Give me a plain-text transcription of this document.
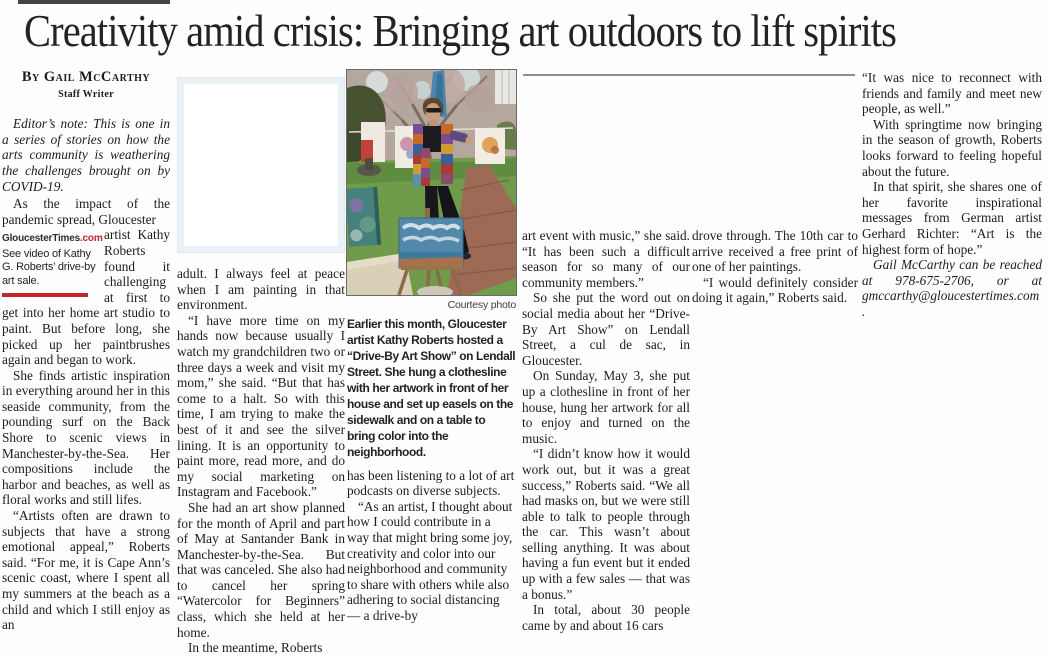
Creativity amid crisis: Bringing art outdoors to lift spirits
By Gail McCarthy
Staff Writer

Editor’s note: This is one in a series of stories on how the arts community is weathering the challenges brought on by COVID-19.

As the impact of the pandemic spread, Gloucester

GloucesterTimes.com
See video of Kathy G. Roberts’ drive-by art sale.
artist Kathy Roberts found it challenging at first to get into her home art studio to paint. But before long, she picked up her paintbrushes again and began to work.

She finds artistic inspiration in everything around her in this seaside community, from the pounding surf on the Back Shore to scenic views in Manchester-by-the-Sea. Her compositions include the harbor and beaches, as well as floral works and still lifes.

“Artists often are drawn to subjects that have a strong emotional appeal,” Roberts said. “For me, it is Cape Ann’s scenic coast, where I spent all my summers at the beach as a child and which I still enjoy as an

adult. I always feel at peace when I am painting in that environment.

“I have more time on my hands now because usually I watch my grandchildren two or three days a week and visit my mom,” she said. “But that has come to a halt. So with this time, I am trying to make the best of it and see the silver lining. It is an opportunity to paint more, read more, and do my social marketing on Instagram and Facebook.”

She had an art show planned for the month of April and part of May at Santander Bank in Manchester-by-the-Sea. But that was canceled. She also had to cancel her spring “Watercolor for Beginners” class, which she held at her home.

In the meantime, Roberts

Courtesy photo

Earlier this month, Gloucester artist Kathy Roberts hosted a “Drive-By Art Show” on Lendall Street. She hung a clothesline with her artwork in front of her house and set up easels on the sidewalk and on a table to bring color into the neighborhood.

has been listening to a lot of art podcasts on diverse subjects.

“As an artist, I thought about how I could contribute in a way that might bring some joy, creativity and color into our neighborhood and community to share with others while also adhering to social distancing — a drive-by

art event with music,” she said. “It has been such a difficult season for so many of our community members.”

So she put the word out on social media about her “Drive-By Art Show” on Lendall Street, a cul de sac, in Gloucester.

On Sunday, May 3, she put up a clothesline in front of her house, hung her artwork for all to enjoy and turned on the music.

“I didn’t know how it would work out, but it was a great success,” Roberts said. “We all had masks on, but we were still able to talk to people through the car. This wasn’t about selling anything. It was about having a fun event but it ended up with a few sales — that was a bonus.”

In total, about 30 people came by and about 16 cars

drove through. The 10th car to arrive received a free print of one of her paintings.

“I would definitely consider doing it again,” Roberts said.

“It was nice to reconnect with friends and family and meet new people, as well.”

With springtime now bringing in the season of growth, Roberts looks forward to feeling hopeful about the future.

In that spirit, she shares one of her favorite inspirational messages from German artist Gerhard Richter: “Art is the highest form of hope.”

Gail McCarthy can be reached at 978-675-2706, or at gmccarthy@gloucestertimes.com.
